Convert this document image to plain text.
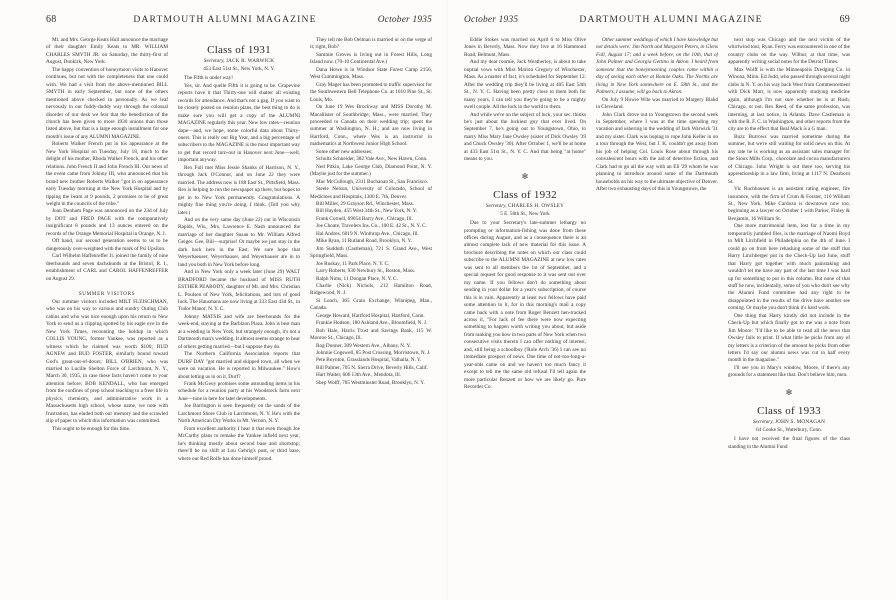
68	DARTMOUTH ALUMNI MAGAZINE	October 1935

Mr. and Mrs. George Keats Hull announce the marriage of their daughter Emily Keats to MR. WILLIAM CHARLES SMYTH JR. on Saturday, the thirty-first of August, Dunkirk, New York.

The happy convention of honeymoon visits to Hanover continues, but not with the completeness that one could wish. We had a visit from the above-mentioned BILL SMYTH in early September, but none of the others mentioned above checked in personally. As we leaf nervously in our fuddy-duddy way through the colossal disorder of our desk we fear that the benediction of the church has been given to more 1930 unions than those listed above, but that is a large enough installment for one month's issue of any ALUMNI MAGAZINE.

Roberts Walker French put in his appearance at the New York Hospital on Tuesday, July 18, much to the delight of his mother, Rhoda Walker French, and his other relations. John French II and John French III. Our news of the event came from Johnny III, who announced that his brand new brother Roberts Walker "got in on appearance early Tuesday morning at the New York Hospital and by tipping the beam at 9 pounds, 2 promises to be of great weight in the councils of the tribe."

Joan Denham Page was announced on the 23d of July by DOT and FRED PAGE with the comparatively insignificant 8 pounds and 13 ounces entered on the records of the Orange Memorial Hospital in Orange, N. J.

Off hand, our second generation seems to us to be dangerously over-weighted with the mark of Psi Upsilon.

Carl Wilhelm Haffenreffer Jr. joined the family of nine deerhounds and seven dachshunds at the Bristol, R. I., establishment of CARL and CAROL HAFFENREFFER on August 29.

SUMMER VISITORS

Our summer visitors included MILT FLEISCHMAN, who was on his way to various and sundry Outing Club cabins and who was nice enough upon his return to New York to send us a clipping spotted by his eagle eye in the New York Times, recounting the holdup in which COLLIS YOUNG, former Yankee, was reported as a witness which he claimed was worth $100; BUD AGNEW and BUD FOSTER, similarly bound toward God's great-out-of-doors; BILL O'BRIEN, who was married to Lucille Shelton Force of Larchmont, N. Y., March 30, 1935, in case these facts haven't come to your attention before; BOB KENDALL, who has emerged from the confines of prep school teaching to a freer life in physics, chemistry, and administrative work in a Massachusetts high school, whose name, we note with frustration, has eluded both our memory and the scrawled slip of paper to which this information was committed.

This ought to be enough for this time.

Class of 1931
Secretary, JACK R. WARWICK
453 East 51st St., New York, N. Y.

The Fifth is under way!

Yes, sir. And quelle Fifth it is going to be. Grapevine reports have it that Thirty-one will shatter all existing records for attendance. And that's not a gag. If you want to be closely posted on reunion plans, the best thing to do is make sure you will get a copy of the ALUMNI MAGAZINE regularly this year. New low rates—reunion dope—and, we hope, some colorful data about Thirty-oners. This is really our Big Year, and a big percentage of subscribers to the MAGAZINE is the most important way to get that record turn-out in Hanover next June—well, important anyway.

Rex Full met Miss Jessie Shanks of Harrison, N. Y., through Jack O'Connor, and on June 22 they were married. The address now is 188 East St., Pittsfield, Mass. Rex is helping to run the newspaper up there, but hopes to get in to New York permanently. Congratulations. A mighty fine thing you're doing, I think. (Tell you why later.)

And on the very same day (June 22) out in Wisconsin Rapids, Wis., Mrs. Lawrence E. Nash announced the marriage of her daughter Susan to Mr. William Alfred Geiger. Gee, Bill—surprise! Or maybe we just stay in the dark back here in the East. We sure hope that Weyerhaeuser, Weyerhauser, and Weyerhauser are in to land you both in New York before long.

And in New York only a week later (June 29) WALT BRADFORD became the husband of MISS RUTH ESTHER PEABODY, daughter of Mr. and Mrs. Christian L. Poulsen of New York, felicitations, and lots of good luck. The Hausmans are now living at 333 East 43d St., in Tudor Manor, N. Y. C.

Johnny MATSIS and wife are beerhounds for the week-end, staying at the Barbizon Plaza. John is best man at a wedding in New York, but strangely enough, it's not a Dartmouth man's wedding. It almost seems strange to hear of others getting married—but I suppose they do.

The Northern California Association reports that DURF DAY "got married and skipped town, all when we were on vacation. He is reported in Milwaukee." How's about letting us in on it, Durf?

Frank McGeoy promises some astounding items in his schedule for a reunion party at his Woodstock farm next June—tune in here for later developments.

Joe Barrington is seen frequently on the sands of the Larchmont Shore Club in Larchmont, N. Y. He's with the North American Dry Works in Mt. Vernon, N. Y.

From excellent authority I hear it that even though Joe McCarthy plans to remake the Yankee infield next year, he's thinking mostly about second base and shortstop; there'll be no shift at Lou Gehrig's post, or third base, where our Red Rolfe has done himself proud.

They tell me Bob Oelman is married or on the verge of it; right, Bob?

Sammie Groves is living out in Forest Hills, Long Island now. (70-10 Continental Ave.)

Dana Howe is in Windsor State Forest Camp 2156, West Cummington, Mass.

Gray Mager has been promoted to traffic supervisor for the Southwestern Bell Telephone Co. at 1010 Pine St., St. Louis, Mo.

On June 19 Wes Brockway and MISS Dorothy M. Macallister of Southbridge, Mass., were married. They proceeded to Canada on their wedding trip; spent the summer at Washington, N. H.; and are now living in Hartford, Conn., where Wes is an instructor in mathematics at Northwest Junior High School.

Some other new addresses:

Schultz Schneider, 382 Vale Ave., New Haven, Conn.

Ned Pitkin, Lake George Club, Diamond Point, N. Y. (Maybe just for the summer.)

Mac McCullough, 2311 Buchanan St., San Francisco.

Steele Nelson, University of Colorado, School of Medicines and Hospitals, 1300 E. 7th, Denver.

Bill Miller, 29 Grayson Rd., Winchester, Mass.

Bill Hayden, 455 West 34th St., New York, N. Y.

Frank Cornell, 69054 Barry Ave., Chicago, Ill.

Joe Choate, Travelers Ins. Co., 100 E. 42 St., N. Y. C.

Hal Andres, 6019 N. Winthrop Ave., Chicago, Ill.

Mike Ryan, 11 Rutland Road, Brooklyn, N. Y.

Jim Sudduth (Castleman), 721 S. Grand Ave., West Springfield, Mass.

Joe Ruskay, 11 Park Place, N. Y. C.

Larry Roberts, 930 Newbury St., Boston, Mass.

Ralph Nims, 11 Dongan Place, N. Y. C.

Charlie (Nick) Nichols, 212 Hamilton Road, Ridgewood, N. J.

Si Leach, 365 Grain Exchange, Winnipeg, Man., Canada.

George Howard, Hartford Hospital, Hartford, Conn.

Frankie Hodson, 180 Ashland Ave., Bloomfield, N. J.

Bob Hale, Harris Trust and Savings Bank, 115 W. Monroe St., Chicago, Ill.

Rog Donner, 309 Western Ave., Albany, N. Y.

Johnnie Cogswell, 85 Post Crossing, Morristown, N. J.

Pete Boynton, Grasslands Hospital, Valhalla, N. Y.

Bill Palmer, 705 N. Sierra Drive, Beverly Hills, Calif.

Hart Walter, 606 13th Ave., Mendota, Ill.

Shep Wolff, 785 Westminster Road, Brooklyn, N. Y.

69
DARTMOUTH ALUMNI MAGAZINE
October 1935

Eddie Stokes was married on April 6 to Miss Olive Jones in Beverly, Mass. Now they live at 16 Hammond Road, Belmont, Mass.

And my dear roomie, Jack Weatherley, is about to take nuptial vows with Miss Marion Gregory of Winchester, Mass. As a matter of fact, it's scheduled for September 12. After the wedding trip they'll be living at 405 East 54th St., N. Y. C. Having been pretty close to them both for many years, I can tell you they're going to be a mighty swell couple. All the luck in the world to them.

And while we're on the subject of luck, your sec. thinks he's just about the luckiest guy that ever lived. On September 7, he's going out to Youngstown, Ohio, to marry Miss Mary Jane Owsley (sister of Dick Owsley '39 and Chuck Owsley '30). After October 1, we'll be at home at 433 East 51st St., N. Y. C. And that being "at home" means to you.

✻
Class of 1932
Secretary, CHARLES H. OWSLEY
5 E. 58th St., New York

Due to your Secretary's late-summer lethargy no prompting or information-fishing was done from these offices during August, and as a consequence there is an almost complete lack of new material for this issue. A brochure describing the notes on which our class could subscribe to the ALUMNI MAGAZINE at new low rates was sent to all members the 1st of September, and a special request for good response to it was sent out over my name. If you fellows don't do something about sending in your dollar for a year's subscription, of course this is in vain. Apparently at least two fellows have paid some attention to it, for in this morning's mail a copy came back with a note from Roger Benzett hen-tracked across it, "For lack of fee there were now expecting something to happen worth writing you about, but aside from ranking you how in two parts of New York when two consecutive visits therein I can offer nothing of interest, and, still being a schoolboy ('Role Arch '36) I can see no immediate prospect of news. One time of not-too-long-a-year-olds came on and we haven't too much fancy it except to tell me the same old refusal I'll tell again the more particular Benzett or how we are likely go. Pure Recorder Co.

Other summer weddings of which I have knowledge but not details were: Jim North and Margaret Peters, in Glens Fall, August 17; and a week before, on the 10th, that of John Palmer and Georgia Gettino in Akron. I heard from someone that the honeymooning couples came within a day of seeing each other at Bonnie Oaks. The Norths are living in New York somewhere on E. 58th St., and the Palmers, I assume, will go back to Akron.

On July 9 Howie Wile was married to Margery Blahd in Cleveland.

John Clark drove out to Youngstown the second week in September, where I was at the time spending my vacation and ushering in the wedding of Jack Warwick '31 and my sister. Clark was hoping to rope John Keller in on a tour through the West, but J. K. couldn't get away from his job of helping Col. Louis Rose about through his convalescent hours with the aid of detective fiction, and Clark had to go all the way with an Eli '29 whom he was planning to introduce around some of the Dartmouth households on his way to the ultimate objective of Denver. After two exhausting days of this in Youngstown, the

next stop was Chicago and the next victim of the whirlwind tour, Ryan. Ferry was encountered in one of the country clubs on the way. Wilbur, at that time, was apparently writing social notes for the Detroit Times.

Max Wolff is with the Minneapolis Dredging Co. in Winona, Minn. Ed Judd, who passed through several night clubs in N. Y. on his way back West from Commencement with Dick Marr, is now apparently studying medicine again, although I'm not sure whether he is at Rush, Chicago, or not. Rex Reed, of the same profession, was interning, at last notice, in Atlanta. Dave Castleman is with the R. F. C. in Washington, and other reports from the city are to the effect that Beal Mack is a G man.

Buzz Burrows was married sometime during the summer, but we're still waiting for solid news on this. At any rate he is working as an assistant sales manager for the Sioux Mills Corp., chocolate and cocoa manufacturers of Chicago. John Wright is out there too, serving his apprenticeship in a law firm, living at 1117 N. Dearborn St.

Vic Ruchhausen is an assistant rating engineer, fire insurance, with the firm of Crum & Forster, 110 William St., New York. Mike Cardozo is downtown now too, beginning as a lawyer on October 1 with Parker, Finley & Benjamin, 16 William St.

One more matrimonial item, lost for a time in my temporarily jumbled files, is the marriage of Naomi Boyd to Milt Litchfield in Philadelphia on the 4th of June. I could go on from here rehashing some of the stuff that Harry Linchberger put in the Check-Up last June, stuff that Harry got together with much painstaking and wouldn't let me have any part of the last time I was hard up for something to put in this column. But none of that stuff he now, incidentally, some of you who don't see why the Alumni Fund committee had any right to be disappointed in the results of the drive have another see coming. Or maybe you don't think it's hard work.

One thing that Harry kindly did not include in the Check-Up but which finally got to me was a note from Jim Moore: "I'd like to be able to read all the news that Owsley fails to print. If what little he picks from any of my letters is a criterion of the amount he picks from other letters I'd say our alumni news was cut in half every month in the magazine."

I'll see you in Mary's window, Moore, if there's any grounds for a statement like that. Don't believe him, men.

✻
Class of 1933
Secretary, JOHN S. MONAGAN
64 Cooke St., Waterbury, Conn.

I have not received the final figures of the class standing in the Alumni Fund
